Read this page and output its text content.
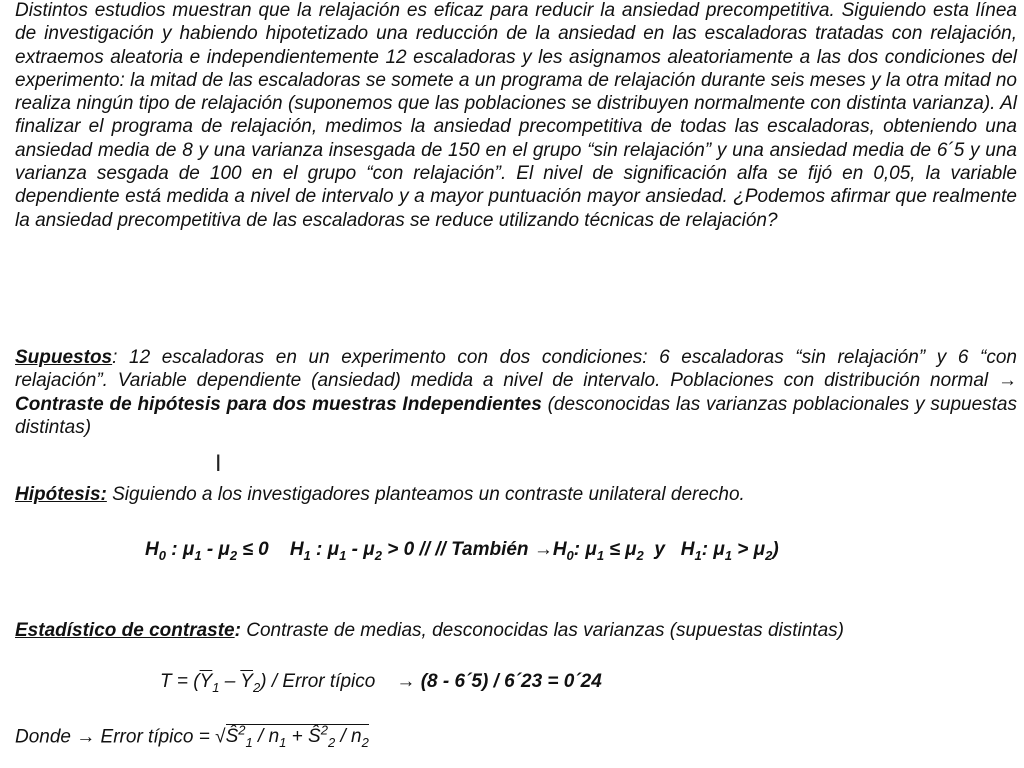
Distintos estudios muestran que la relajación es eficaz para reducir la ansiedad precompetitiva. Siguiendo esta línea de investigación y habiendo hipotetizado una reducción de la ansiedad en las escaladoras tratadas con relajación, extraemos aleatoria e independientemente 12 escaladoras y les asignamos aleatoriamente a las dos condiciones del experimento: la mitad de las escaladoras se somete a un programa de relajación durante seis meses y la otra mitad no realiza ningún tipo de relajación (suponemos que las poblaciones se distribuyen normalmente con distinta varianza). Al finalizar el programa de relajación, medimos la ansiedad precompetitiva de todas las escaladoras, obteniendo una ansiedad media de 8 y una varianza insesgada de 150 en el grupo “sin relajación” y una ansiedad media de 6´5 y una varianza sesgada de 100 en el grupo “con relajación”. El nivel de significación alfa se fijó en 0,05, la variable dependiente está medida a nivel de intervalo y a mayor puntuación mayor ansiedad. ¿Podemos afirmar que realmente la ansiedad precompetitiva de las escaladoras se reduce utilizando técnicas de relajación?

Supuestos: 12 escaladoras en un experimento con dos condiciones: 6 escaladoras “sin relajación” y 6 “con relajación”. Variable dependiente (ansiedad) medida a nivel de intervalo. Poblaciones con distribución normal → Contraste de hipótesis para dos muestras Independientes (desconocidas las varianzas poblacionales y supuestas distintas)

I

Hipótesis: Siguiendo a los investigadores planteamos un contraste unilateral derecho.

$H_0$ : $\mu_1 - \mu_2 \le 0$ $H_1$ : $\mu_1 - \mu_2 > 0$ // // También $\to H_0$: $\mu_1 \le \mu_2$  y   $H_1$: $\mu_1 > \mu_2$)

Estadístico de contraste: Contraste de medias, desconocidas las varianzas (supuestas distintas)

$T = (\overline{Y}_1 - \overline{Y}_2)$ / Error típico    → (8 - 6´5) / 6´23 = 0´24
Donde → Error típico = $√Ŝ^2_1 / n_1$ + $Ŝ^2_2 / n_2$
